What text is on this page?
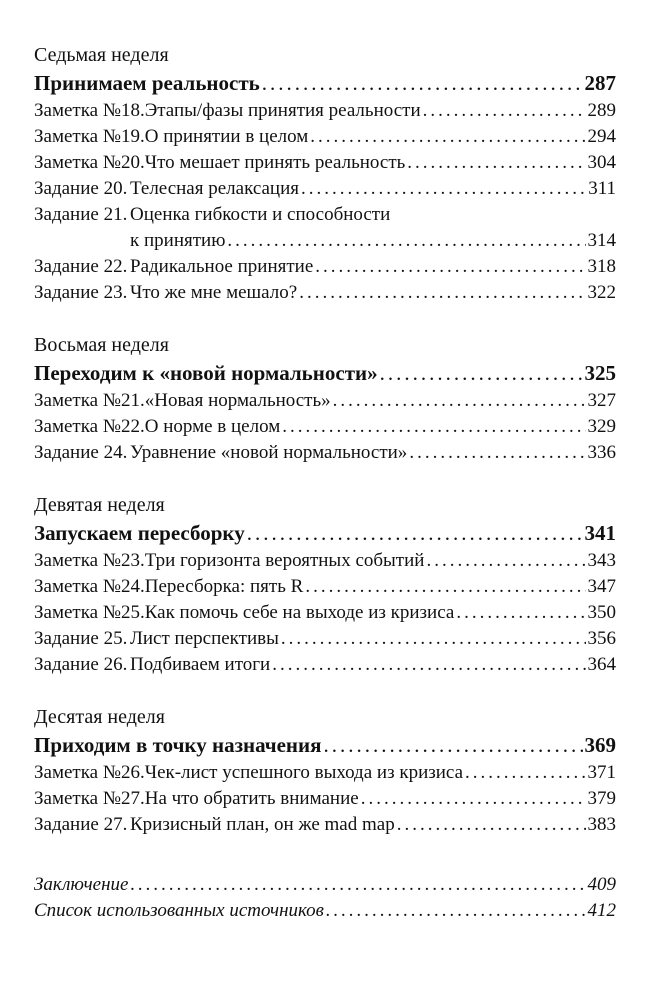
Седьмая неделя

Принимаем реальность .....	287
Заметка №18. Этапы/фазы принятия реальности .....	289
Заметка №19. О принятии в целом .....	294
Заметка №20. Что мешает принять реальность .....	304
Задание 20. Телесная релаксация .....	311
Задание 21. Оценка гибкости и способности
к принятию .....	314
Задание 22. Радикальное принятие .....	318
Задание 23. Что же мне мешало? .....	322

Восьмая неделя

Переходим к «новой нормальности» .....	325
Заметка №21. «Новая нормальность» .....	327
Заметка №22. О норме в целом .....	329
Задание 24. Уравнение «новой нормальности» .....	336

Девятая неделя

Запускаем пересборку .....	341
Заметка №23. Три горизонта вероятных событий .....	343
Заметка №24. Пересборка: пять R .....	347
Заметка №25. Как помочь себе на выходе из кризиса .....	350
Задание 25. Лист перспективы .....	356
Задание 26. Подбиваем итоги .....	364

Десятая неделя

Приходим в точку назначения .....	369
Заметка №26. Чек-лист успешного выхода из кризиса .....	371
Заметка №27. На что обратить внимание .....	379
Задание 27. Кризисный план, он же mad map .....	383
Заключение .....	409
Список использованных источников .....	412
